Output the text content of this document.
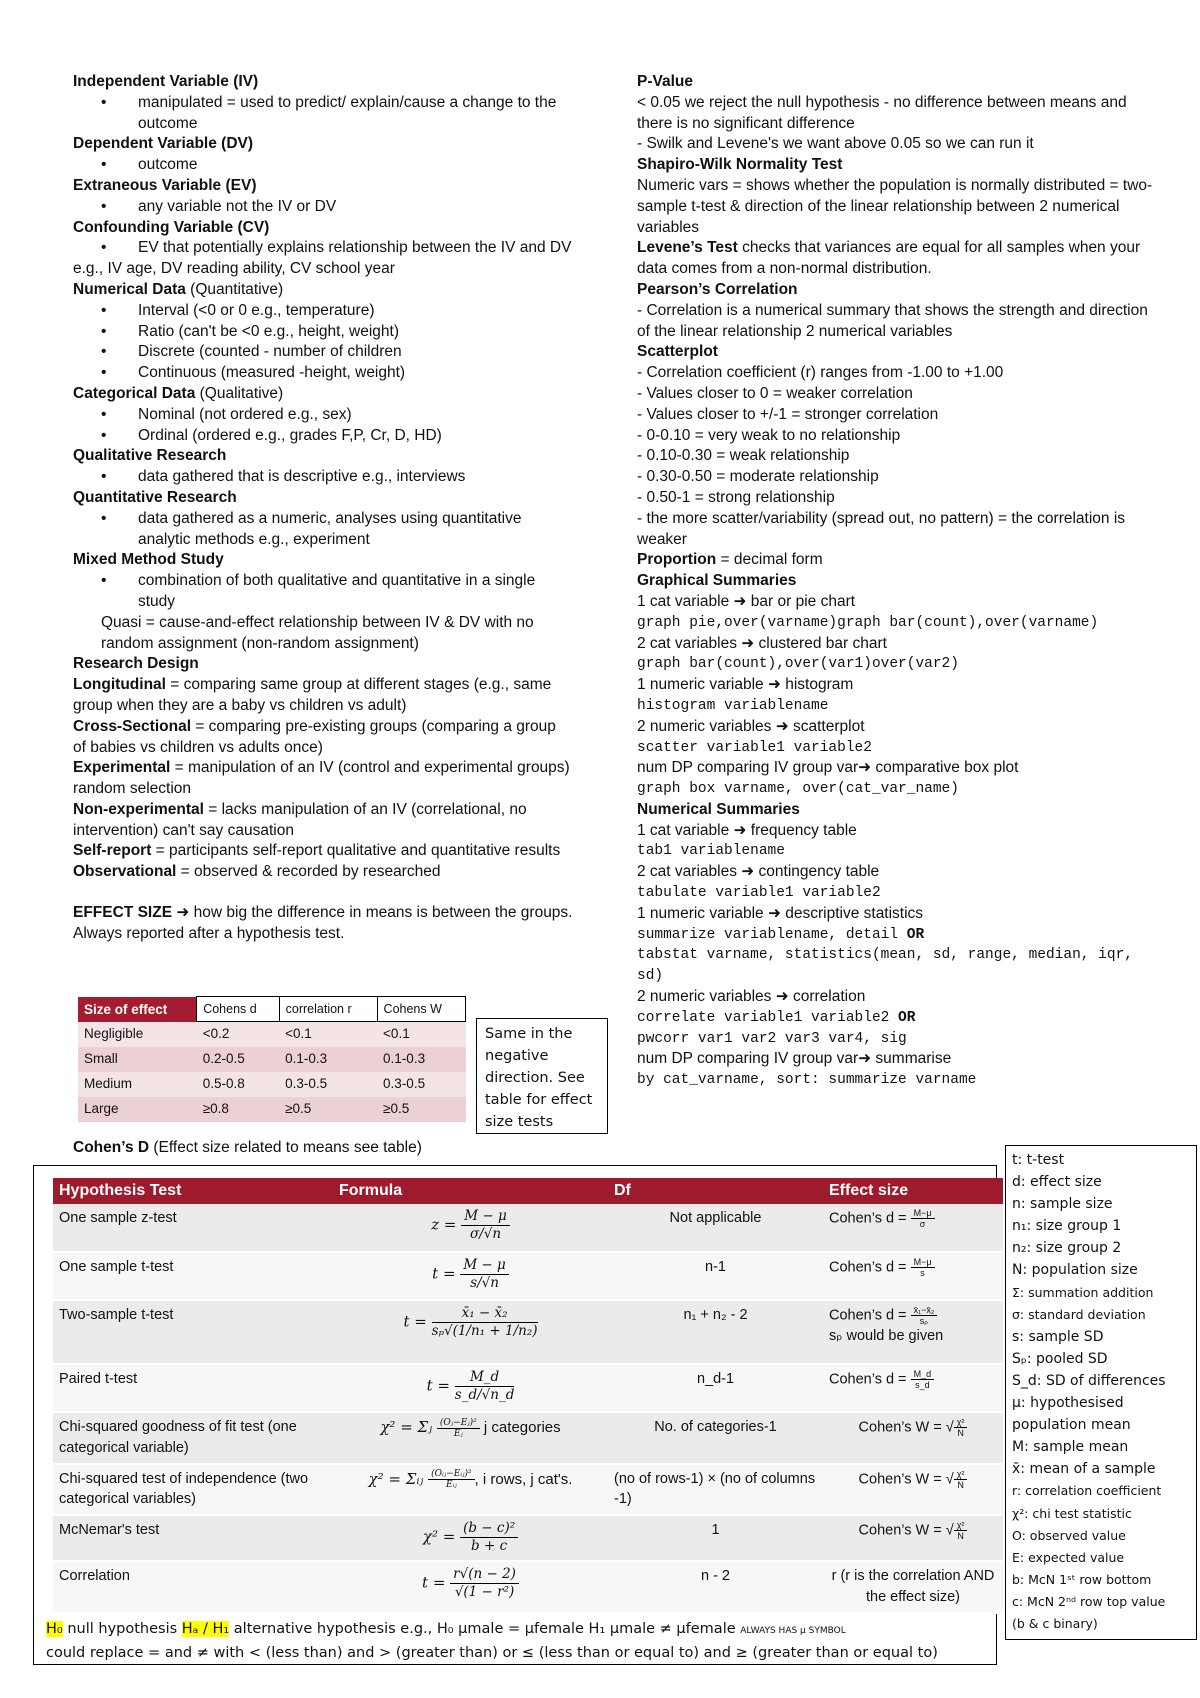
Independent Variable (IV)
• manipulated = used to predict/ explain/cause a change to the outcome
Dependent Variable (DV)
• outcome
Extraneous Variable (EV)
• any variable not the IV or DV
Confounding Variable (CV)
• EV that potentially explains relationship between the IV and DV
e.g., IV age, DV reading ability, CV school year
Numerical Data (Quantitative)
• Interval (<0 or 0 e.g., temperature)
• Ratio (can't be <0 e.g., height, weight)
• Discrete (counted - number of children
• Continuous (measured -height, weight)
Categorical Data (Qualitative)
• Nominal (not ordered e.g., sex)
• Ordinal (ordered e.g., grades F,P, Cr, D, HD)
Qualitative Research
• data gathered that is descriptive e.g., interviews
Quantitative Research
• data gathered as a numeric, analyses using quantitative analytic methods e.g., experiment
Mixed Method Study
• combination of both qualitative and quantitative in a single study
Quasi = cause-and-effect relationship between IV & DV with no random assignment (non-random assignment)
Research Design
Longitudinal = comparing same group at different stages (e.g., same group when they are a baby vs children vs adult)
Cross-Sectional = comparing pre-existing groups (comparing a group of babies vs children vs adults once)
Experimental = manipulation of an IV (control and experimental groups) random selection
Non-experimental = lacks manipulation of an IV (correlational, no intervention) can't say causation
Self-report = participants self-report qualitative and quantitative results
Observational = observed & recorded by researched
EFFECT SIZE ➜ how big the difference in means is between the groups. Always reported after a hypothesis test.
Size of effect	Cohens d	correlation r	Cohens W
Negligible	<0.2	<0.1	<0.1
Small	0.2-0.5	0.1-0.3	0.1-0.3
Medium	0.5-0.8	0.3-0.5	0.3-0.5
Large	≥0.8	≥0.5	≥0.5
Same in the negative direction. See table for effect size tests
Cohen’s D (Effect size related to means see table)
P-Value
< 0.05 we reject the null hypothesis - no difference between means and there is no significant difference
- Swilk and Levene's we want above 0.05 so we can run it
Shapiro-Wilk Normality Test
Numeric vars = shows whether the population is normally distributed = two-sample t-test & direction of the linear relationship between 2 numerical variables
Levene’s Test checks that variances are equal for all samples when your data comes from a non-normal distribution.
Pearson’s Correlation
- Correlation is a numerical summary that shows the strength and direction of the linear relationship 2 numerical variables
Scatterplot
- Correlation coefficient (r) ranges from -1.00 to +1.00
- Values closer to 0 = weaker correlation
- Values closer to +/-1 = stronger correlation
- 0-0.10 = very weak to no relationship
- 0.10-0.30 = weak relationship
- 0.30-0.50 = moderate relationship
- 0.50-1 = strong relationship
- the more scatter/variability (spread out, no pattern) = the correlation is weaker
Proportion = decimal form
Graphical Summaries
1 cat variable ➜ bar or pie chart
graph pie,over(varname)graph bar(count),over(varname)
2 cat variables ➜ clustered bar chart
graph bar(count),over(var1)over(var2)
1 numeric variable ➜ histogram
histogram variablename
2 numeric variables ➜ scatterplot
scatter variable1 variable2
num DP comparing IV group var➜ comparative box plot
graph box varname, over(cat_var_name)
Numerical Summaries
1 cat variable ➜ frequency table
tab1 variablename
2 cat variables ➜ contingency table
tabulate variable1 variable2
1 numeric variable ➜ descriptive statistics
summarize variablename, detail OR
tabstat varname, statistics(mean, sd, range, median, iqr, sd)
2 numeric variables ➜ correlation
correlate variable1 variable2 OR
pwcorr var1 var2 var3 var4, sig
num DP comparing IV group var➜ summarise
by cat_varname, sort: summarize varname
Hypothesis Test	Formula	Df	Effect size
One sample z-test	$z = \frac{M - \mu}{\sigma/√n}$	Not applicable	Cohen’s $d = \frac{M-\mu}{\sigma}$

One sample t-test	$t = \frac{M - \mu}{s/√n}$	n-1	Cohen’s $d = \frac{M-\mu}{s}$

Two-sample t-test	$t = \frac{\text{x̄₁ − x̄₂}}{\text{sₚ√(1/n₁ + 1/n₂)}}$	n₁ + n₂ - 2	Cohen’s $d = \frac{\text{x̄₁−x̄₂}}{\text{sₚ}}$

sₚ would be given
Paired t-test	$t = \frac{M\_d}{s\_d/√n\_d}$	n_d-1	Cohen’s $d = \frac{M\_d}{s\_d}$

Chi-squared goodness of fit test (one categorical variable)	χ² = Σⱼ $\frac{\text{(Oⱼ−Eⱼ)²}}{\text{Eⱼ}}$ j categories	No. of categories-1	Cohen’s W = √ $\frac{\text{χ²}}{N}$

Chi-squared test of independence (two categorical variables)	χ² = Σᵢⱼ $\frac{\text{(Oᵢⱼ−Eᵢⱼ)²}}{\text{Eᵢⱼ}}$ , i rows, j cat's.	(no of rows-1) × (no of columns -1)	Cohen’s W = √ $\frac{\text{χ²}}{N}$

McNemar's test	$\chi^2 = \frac{\text{(b − c)²}}{b + c}$	1	Cohen’s W = √ $\frac{\text{χ²}}{N}$

Correlation	$t = \frac{r√(n - 2)}{\text{√(1 − r²)}}$	n - 2	r (r is the correlation AND the effect size)
t: t-test
d: effect size
n: sample size
n₁: size group 1
n₂: size group 2
N: population size
Σ: summation addition
σ: standard deviation
s: sample SD
Sₚ: pooled SD
S_d: SD of differences
μ: hypothesised population mean
M: sample mean
x̄: mean of a sample
r: correlation coefficient
χ²: chi test statistic
O: observed value
E: expected value
b: McN 1ˢᵗ row bottom
c: McN 2ⁿᵈ row top value
(b & c binary)
H₀ null hypothesis Hₐ / H₁ alternative hypothesis e.g., H₀ μmale = μfemale H₁ μmale ≠ μfemale ALWAYS HAS μ SYMBOL
could replace = and ≠ with < (less than) and > (greater than) or ≤ (less than or equal to) and ≥ (greater than or equal to)
